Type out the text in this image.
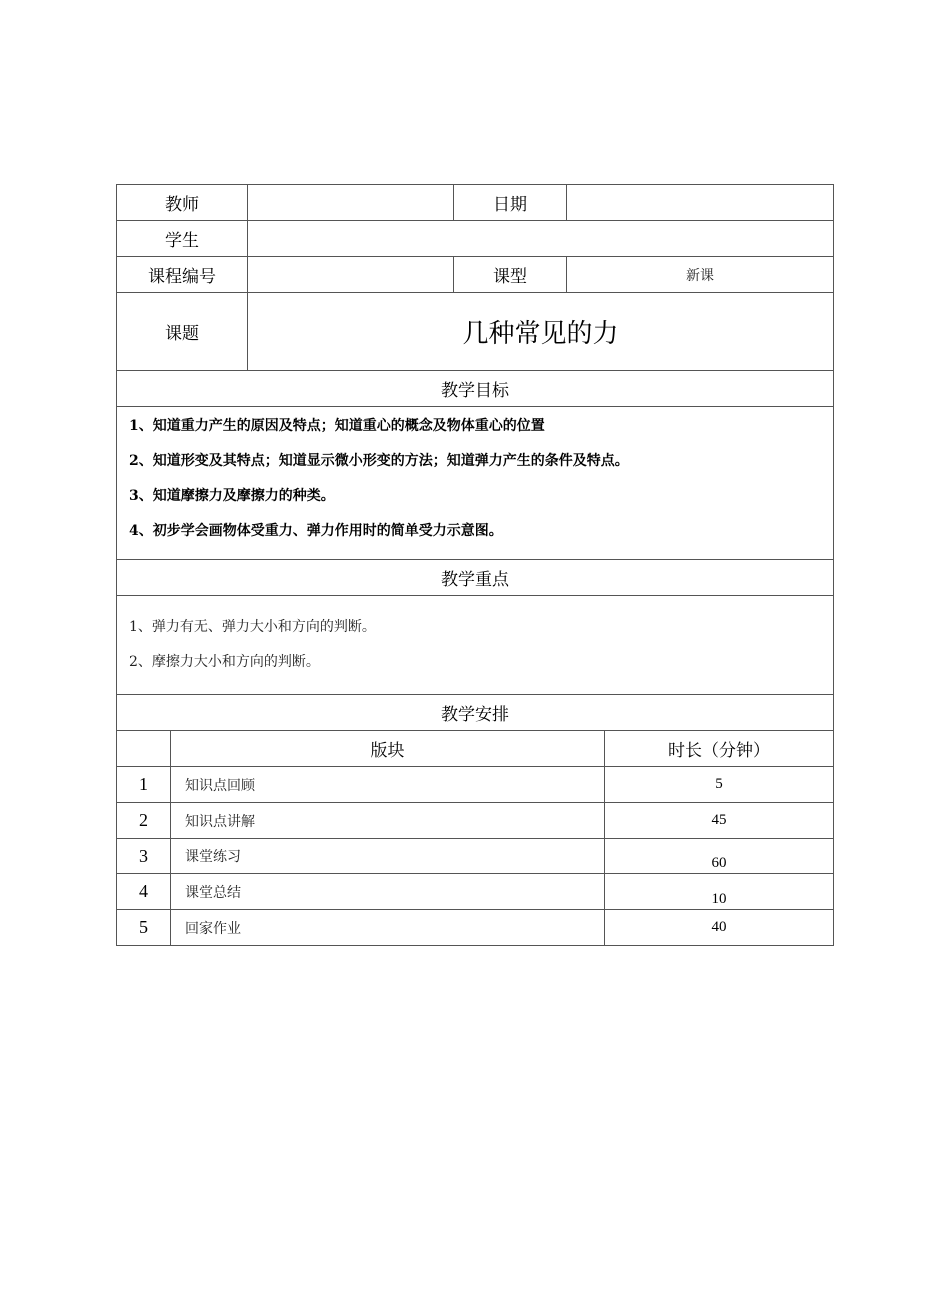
教师		日期	
学生			
课程编号		课型	新课
课题	几种常见的力		
教学目标			

1、知道重力产生的原因及特点；知道重心的概念及物体重心的位置
2、知道形变及其特点；知道显示微小形变的方法；知道弹力产生的条件及特点。
3、知道摩擦力及摩擦力的种类。
4、初步学会画物体受重力、弹力作用时的简单受力示意图。			

教学重点			

1、弹力有无、弹力大小和方向的判断。
2、摩擦力大小和方向的判断。			

教学安排			
	版块	时长（分钟）
1	知识点回顾	5
2	知识点讲解	45
3	课堂练习	60
4	课堂总结	10
5	回家作业	40
